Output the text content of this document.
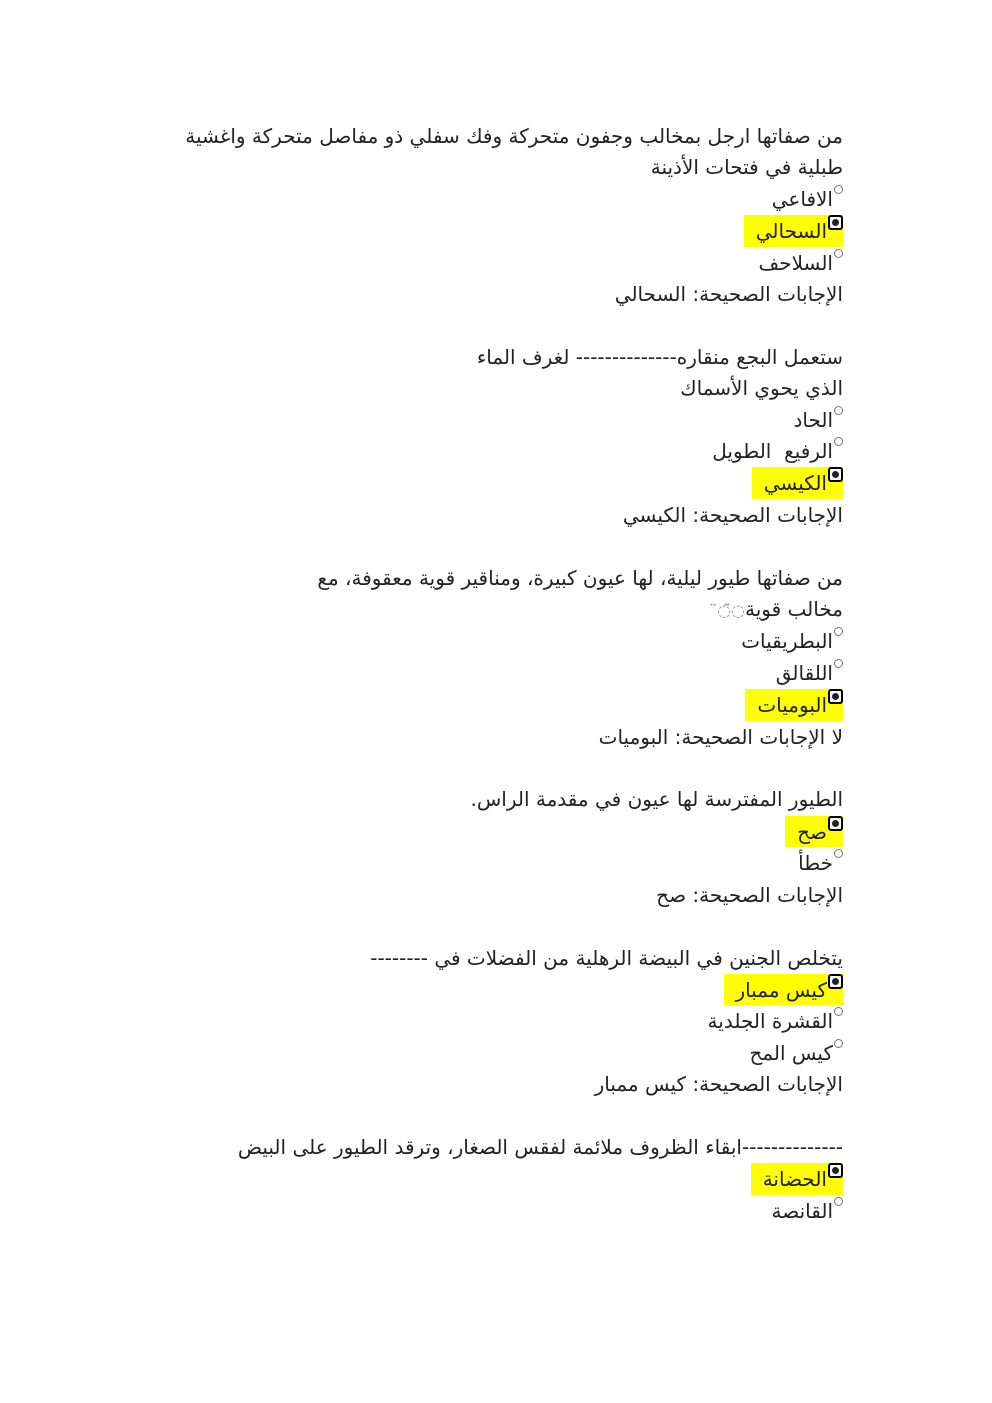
من صفاتها ارجل بمخالب وجفون متحركة وفك سفلي ذو مفاصل متحركة واغشية طبلية في فتحات الأذينة
الافاعي
السحالي
السلاحف
الإجابات الصحيحة: السحالي
ستعمل البجع منقاره-------------- لغرف الماء
الذي يحوي الأسماك
الحاد
الرفيع  الطويل
الكيسي
الإجابات الصحيحة: الكيسي
من صفاتها طيور ليلية، لها عيون كبيرة، ومناقير قوية معقوفة، مع
مخالب قوية◌̃◌̈
البطريقيات
اللقالق
البوميات
لا الإجابات الصحيحة: البوميات
الطيور المفترسة لها عيون في مقدمة الراس.
صح
خطأ
الإجابات الصحيحة: صح
يتخلص الجنين في البيضة الرهلية من الفضلات في --------
كيس ممبار
القشرة الجلدية
كيس المح
الإجابات الصحيحة: كيس ممبار
--------------ابقاء الظروف ملائمة لفقس الصغار، وترقد الطيور على البيض
الحضانة
القانصة
